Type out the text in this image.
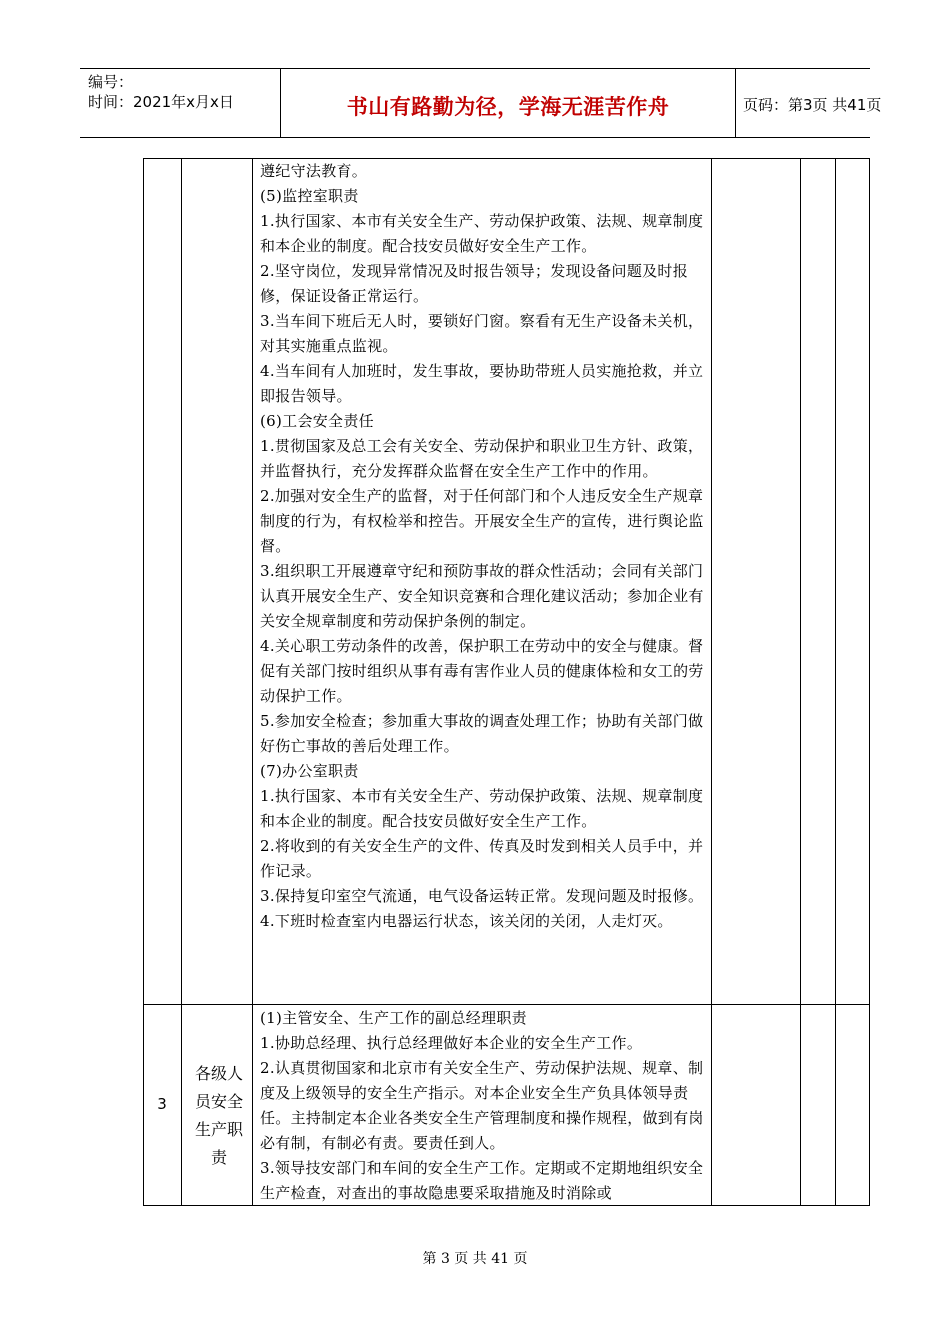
编号：
时间：2021年x月x日	书山有路勤为径，学海无涯苦作舟	页码：第3页 共41页

遵纪守法教育。

(5)监控室职责

1.执行国家、本市有关安全生产、劳动保护政策、法规、规章制度和本企业的制度。配合技安员做好安全生产工作。

2.坚守岗位，发现异常情况及时报告领导；发现设备问题及时报修，保证设备正常运行。

3.当车间下班后无人时，要锁好门窗。察看有无生产设备未关机，对其实施重点监视。

4.当车间有人加班时，发生事故，要协助带班人员实施抢救，并立即报告领导。

(6)工会安全责任

1.贯彻国家及总工会有关安全、劳动保护和职业卫生方针、政策，并监督执行，充分发挥群众监督在安全生产工作中的作用。

2.加强对安全生产的监督，对于任何部门和个人违反安全生产规章制度的行为，有权检举和控告。开展安全生产的宣传，进行舆论监督。

3.组织职工开展遵章守纪和预防事故的群众性活动；会同有关部门认真开展安全生产、安全知识竞赛和合理化建议活动；参加企业有关安全规章制度和劳动保护条例的制定。

4.关心职工劳动条件的改善，保护职工在劳动中的安全与健康。督促有关部门按时组织从事有毒有害作业人员的健康体检和女工的劳动保护工作。

5.参加安全检查；参加重大事故的调查处理工作；协助有关部门做好伤亡事故的善后处理工作。

(7)办公室职责

1.执行国家、本市有关安全生产、劳动保护政策、法规、规章制度和本企业的制度。配合技安员做好安全生产工作。

2.将收到的有关安全生产的文件、传真及时发到相关人员手中，并作记录。

3.保持复印室空气流通，电气设备运转正常。发现问题及时报修。

4.下班时检查室内电器运行状态，该关闭的关闭，人走灯灭。

3
各级人员安全生产职责

(1)主管安全、生产工作的副总经理职责

1.协助总经理、执行总经理做好本企业的安全生产工作。

2.认真贯彻国家和北京市有关安全生产、劳动保护法规、规章、制度及上级领导的安全生产指示。对本企业安全生产负具体领导责任。主持制定本企业各类安全生产管理制度和操作规程，做到有岗必有制，有制必有责。要责任到人。

3.领导技安部门和车间的安全生产工作。定期或不定期地组织安全生产检查，对查出的事故隐患要采取措施及时消除或

第 3 页 共 41 页
